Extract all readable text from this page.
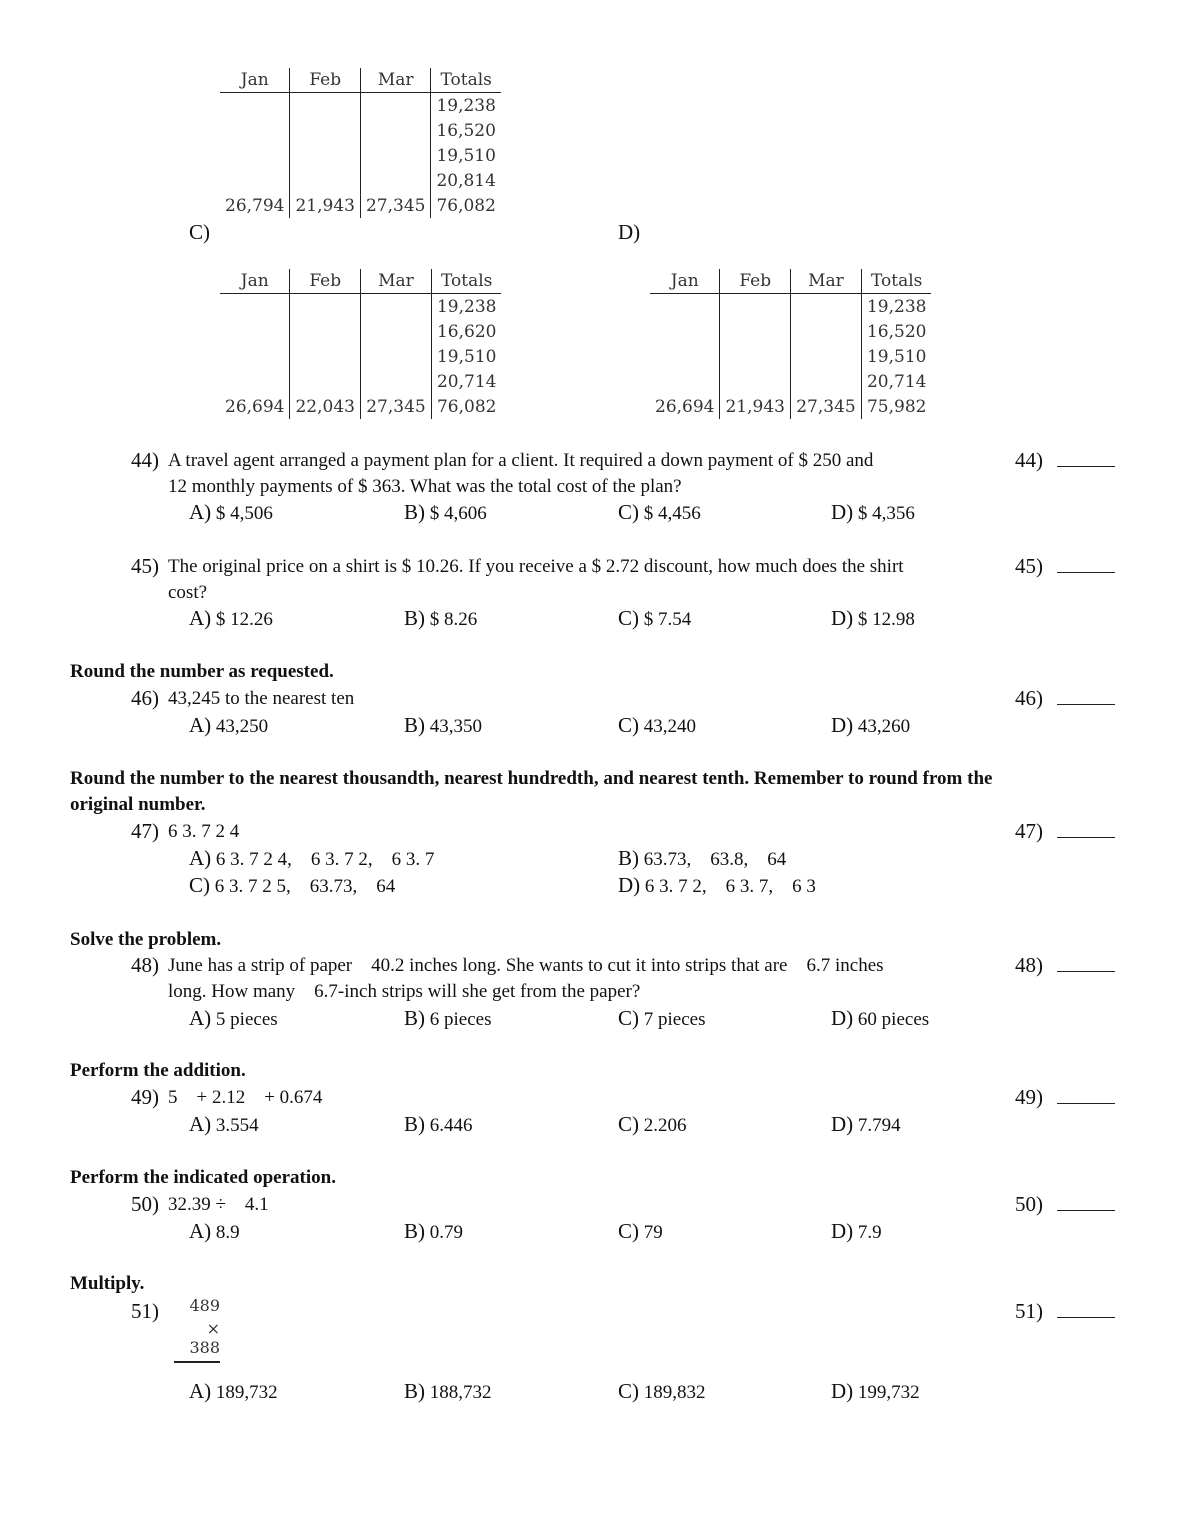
Jan	Feb	Mar	Totals
			19,238
			16,520
			19,510
			20,814
26,794	21,943	27,345	76,082
C)	D)
Jan	Feb	Mar	Totals
			19,238
			16,620
			19,510
			20,714
26,694	22,043	27,345	76,082
Jan	Feb	Mar	Totals
			19,238
			16,520
			19,510
			20,714
26,694	21,943	27,345	75,982
44) A travel agent arranged a payment plan for a client. It required a down payment of $ 250 and
12 monthly payments of $ 363. What was the total cost of the plan?
44)
A) $ 4,506	B) $ 4,606	C) $ 4,456	D) $ 4,356
45) The original price on a shirt is $ 10.26. If you receive a $ 2.72 discount, how much does the shirt
cost?
45)
A) $ 12.26	B) $ 8.26	C) $ 7.54	D) $ 12.98
Round the number as requested.
46) 43,245 to the nearest ten	46)
A) 43,250	B) 43,350	C) 43,240	D) 43,260
Round the number to the nearest thousandth, nearest hundredth, and nearest tenth. Remember to round from the
original number.
47) 6 3. 7 2 4	47)
A) 6 3. 7 2 4,    6 3. 7 2,    6 3. 7	B) 63.73,    63.8,    64
C) 6 3. 7 2 5,    63.73,    64	D) 6 3. 7 2,    6 3. 7,    6 3
Solve the problem.
48) June has a strip of paper    40.2 inches long. She wants to cut it into strips that are    6.7 inches
long. How many    6.7-inch strips will she get from the paper?
48)
A) 5 pieces	B) 6 pieces	C) 7 pieces	D) 60 pieces
Perform the addition.
49) 5    + 2.12    + 0.674	49)
A) 3.554	B) 6.446	C) 2.206	D) 7.794
Perform the indicated operation.
50) 32.39 ÷    4.1	50)
A) 8.9	B) 0.79	C) 79	D) 7.9
Multiply.
51)	489
× 388
51)
A) 189,732	B) 188,732	C) 189,832	D) 199,732
